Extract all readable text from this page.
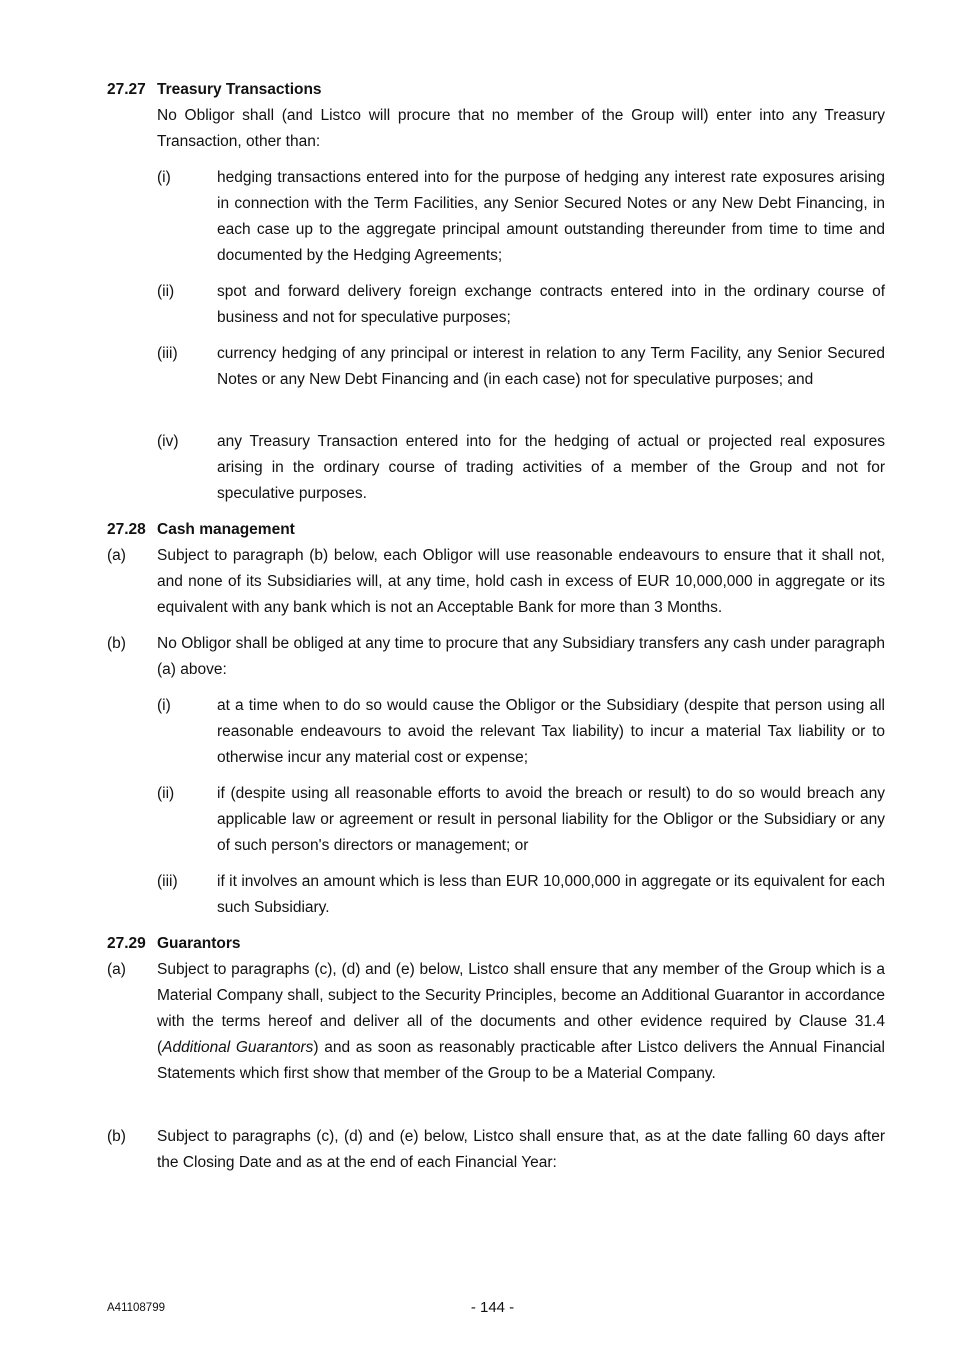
27.27 Treasury Transactions

No Obligor shall (and Listco will procure that no member of the Group will) enter into any Treasury Transaction, other than:

(i)	hedging transactions entered into for the purpose of hedging any interest rate exposures arising in connection with the Term Facilities, any Senior Secured Notes or any New Debt Financing, in each case up to the aggregate principal amount outstanding thereunder from time to time and documented by the Hedging Agreements;

(ii)	spot and forward delivery foreign exchange contracts entered into in the ordinary course of business and not for speculative purposes;

(iii)	currency hedging of any principal or interest in relation to any Term Facility, any Senior Secured Notes or any New Debt Financing and (in each case) not for speculative purposes; and

(iv) any Treasury Transaction entered into for the hedging of actual or projected real exposures arising in the ordinary course of trading activities of a member of the Group and not for speculative purposes.

27.28 Cash management
(a) Subject to paragraph (b) below, each Obligor will use reasonable endeavours to ensure that it shall not, and none of its Subsidiaries will, at any time, hold cash in excess of EUR 10,000,000 in aggregate or its equivalent with any bank which is not an Acceptable Bank for more than 3 Months.

(b) No Obligor shall be obliged at any time to procure that any Subsidiary transfers any cash under paragraph (a) above:

(i)	at a time when to do so would cause the Obligor or the Subsidiary (despite that person using all reasonable endeavours to avoid the relevant Tax liability) to incur a material Tax liability or to otherwise incur any material cost or expense;

(ii)	if (despite using all reasonable efforts to avoid the breach or result) to do so would breach any applicable law or agreement or result in personal liability for the Obligor or the Subsidiary or any of such person's directors or management; or

(iii)	if it involves an amount which is less than EUR 10,000,000 in aggregate or its equivalent for each such Subsidiary.

27.29 Guarantors
(a) Subject to paragraphs (c), (d) and (e) below, Listco shall ensure that any member of the Group which is a Material Company shall, subject to the Security Principles, become an Additional Guarantor in accordance with the terms hereof and deliver all of the documents and other evidence required by Clause 31.4 (Additional Guarantors) and as soon as reasonably practicable after Listco delivers the Annual Financial Statements which first show that member of the Group to be a Material Company.

(b) Subject to paragraphs (c), (d) and (e) below, Listco shall ensure that, as at the date falling 60 days after the Closing Date and as at the end of each Financial Year:

A41108799	- 144 -
